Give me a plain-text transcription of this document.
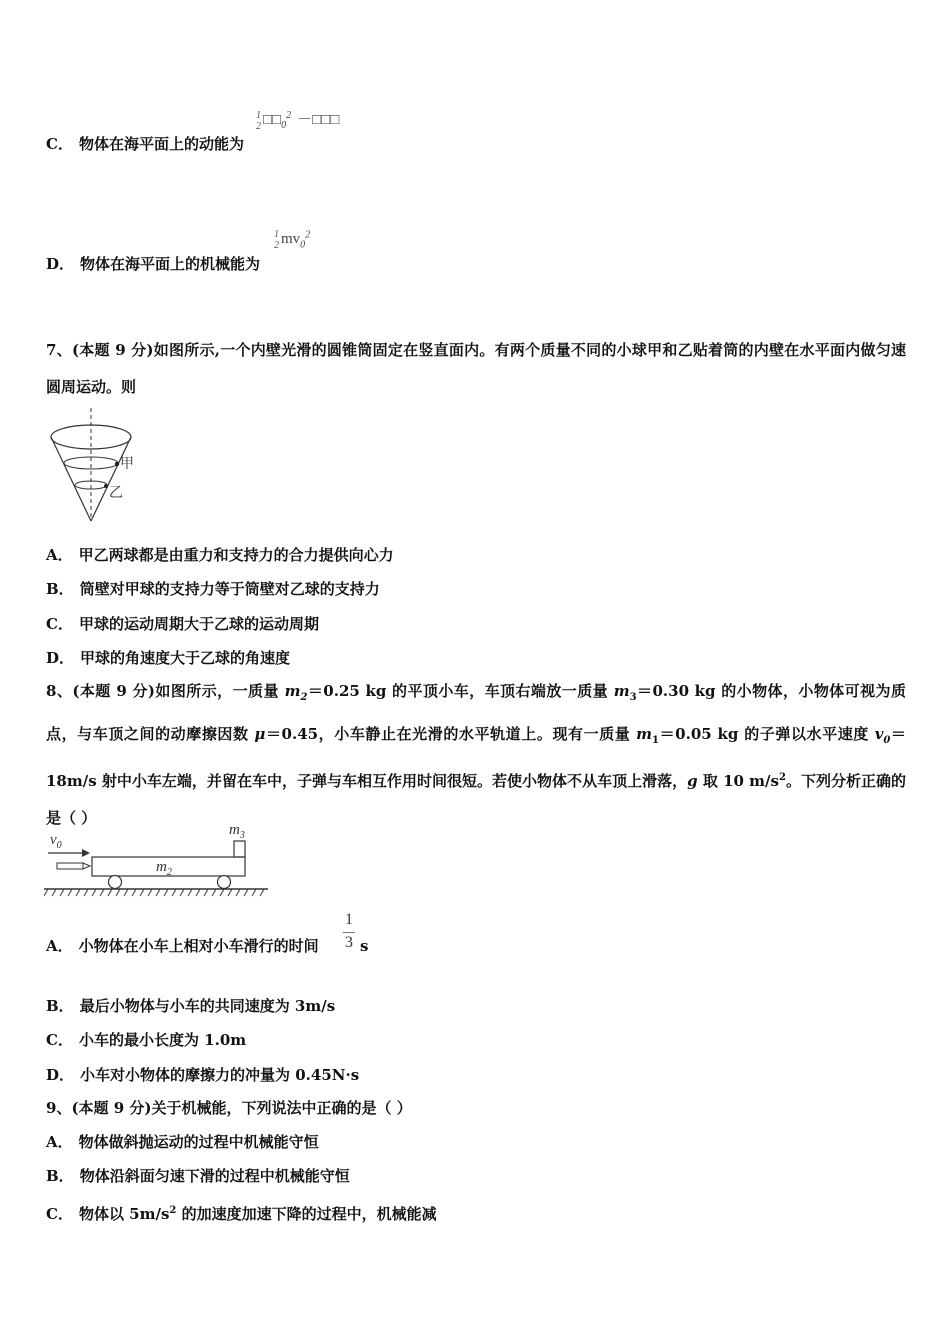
C． 物体在海平面上的动能为
1
2 $□□_0^2$ －□□□
D． 物体在海平面上的机械能为
1
2 $mv_0^2$
7、(本题 9 分)如图所示,一个内壁光滑的圆锥筒固定在竖直面内。有两个质量不同的小球甲和乙贴着筒的内壁在水平面内做匀速圆周运动。则
甲
乙
A． 甲乙两球都是由重力和支持力的合力提供向心力
B． 筒壁对甲球的支持力等于筒壁对乙球的支持力
C． 甲球的运动周期大于乙球的运动周期
D． 甲球的角速度大于乙球的角速度
8、(本题 9 分)如图所示，一质量 $m_2=0.25$ kg 的平顶小车，车顶右端放一质量 $m_3=0.30$ kg 的小物体，小物体可视为质点，与车顶之间的动摩擦因数 μ＝0.45，小车静止在光滑的水平轨道上。现有一质量 $m_1=0.05$ kg 的子弹以水平速度 $v_0=18m/s$ 射中小车左端，并留在车中，子弹与车相互作用时间很短。若使小物体不从车顶上滑落，g 取 10 $m/s^2$。下列分析正确的是（ ）
$v_0$
$m_2$
$m_3$
A． 小物体在小车上相对小车滑行的时间
1
3 s
B． 最后小物体与小车的共同速度为 3m/s
C． 小车的最小长度为 1.0m
D． 小车对小物体的摩擦力的冲量为 0.45N·s
9、(本题 9 分)关于机械能，下列说法中正确的是（ ）
A． 物体做斜抛运动的过程中机械能守恒
B． 物体沿斜面匀速下滑的过程中机械能守恒
C． 物体以 $5m/s^2$ 的加速度加速下降的过程中，机械能减
